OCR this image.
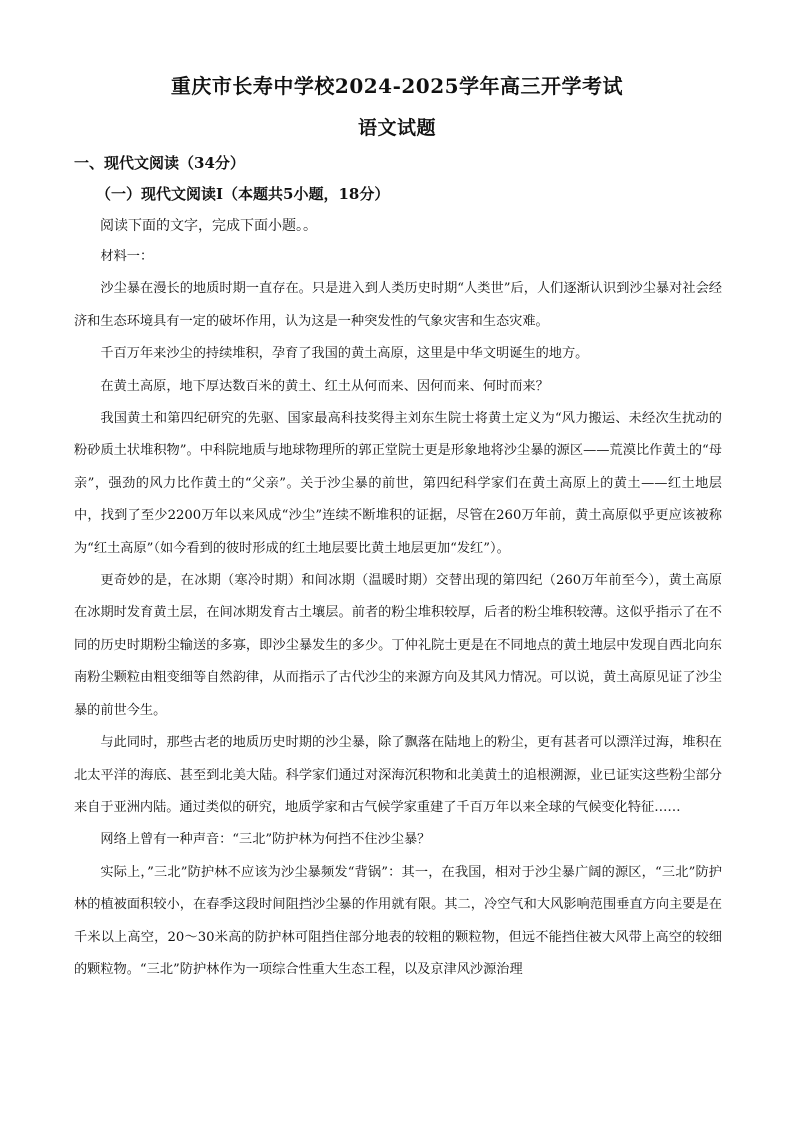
重庆市长寿中学校2024-2025学年高三开学考试
语文试题
一、现代文阅读（34分）
（一）现代文阅读Ⅰ（本题共5小题，18分）
阅读下面的文字，完成下面小题。。

材料一：

沙尘暴在漫长的地质时期一直存在。只是进入到人类历史时期“人类世”后，人们逐渐认识到沙尘暴对社会经济和生态环境具有一定的破坏作用，认为这是一种突发性的气象灾害和生态灾难。

千百万年来沙尘的持续堆积，孕育了我国的黄土高原，这里是中华文明诞生的地方。

在黄土高原，地下厚达数百米的黄土、红土从何而来、因何而来、何时而来？

我国黄土和第四纪研究的先驱、国家最高科技奖得主刘东生院士将黄土定义为“风力搬运、未经次生扰动的粉砂质土状堆积物”。中科院地质与地球物理所的郭正堂院士更是形象地将沙尘暴的源区——荒漠比作黄土的“母亲”，强劲的风力比作黄土的“父亲”。关于沙尘暴的前世，第四纪科学家们在黄土高原上的黄土——红土地层中，找到了至少2200万年以来风成“沙尘”连续不断堆积的证据，尽管在260万年前，黄土高原似乎更应该被称为“红土高原”（如今看到的彼时形成的红土地层要比黄土地层更加“发红”）。

更奇妙的是，在冰期（寒冷时期）和间冰期（温暖时期）交替出现的第四纪（260万年前至今），黄土高原在冰期时发育黄土层，在间冰期发育古土壤层。前者的粉尘堆积较厚，后者的粉尘堆积较薄。这似乎指示了在不同的历史时期粉尘输送的多寡，即沙尘暴发生的多少。丁仲礼院士更是在不同地点的黄土地层中发现自西北向东南粉尘颗粒由粗变细等自然韵律，从而指示了古代沙尘的来源方向及其风力情况。可以说，黄土高原见证了沙尘暴的前世今生。

与此同时，那些古老的地质历史时期的沙尘暴，除了飘落在陆地上的粉尘，更有甚者可以漂洋过海，堆积在北太平洋的海底、甚至到北美大陆。科学家们通过对深海沉积物和北美黄土的追根溯源，业已证实这些粉尘部分来自于亚洲内陆。通过类似的研究，地质学家和古气候学家重建了千百万年以来全球的气候变化特征……

网络上曾有一种声音：“三北”防护林为何挡不住沙尘暴？

实际上，”三北”防护林不应该为沙尘暴频发“背锅”：其一，在我国，相对于沙尘暴广阔的源区，“三北”防护林的植被面积较小，在春季这段时间阻挡沙尘暴的作用就有限。其二，冷空气和大风影响范围垂直方向主要是在千米以上高空，20～30米高的防护林可阻挡住部分地表的较粗的颗粒物，但远不能挡住被大风带上高空的较细的颗粒物。“三北”防护林作为一项综合性重大生态工程，以及京津风沙源治理
